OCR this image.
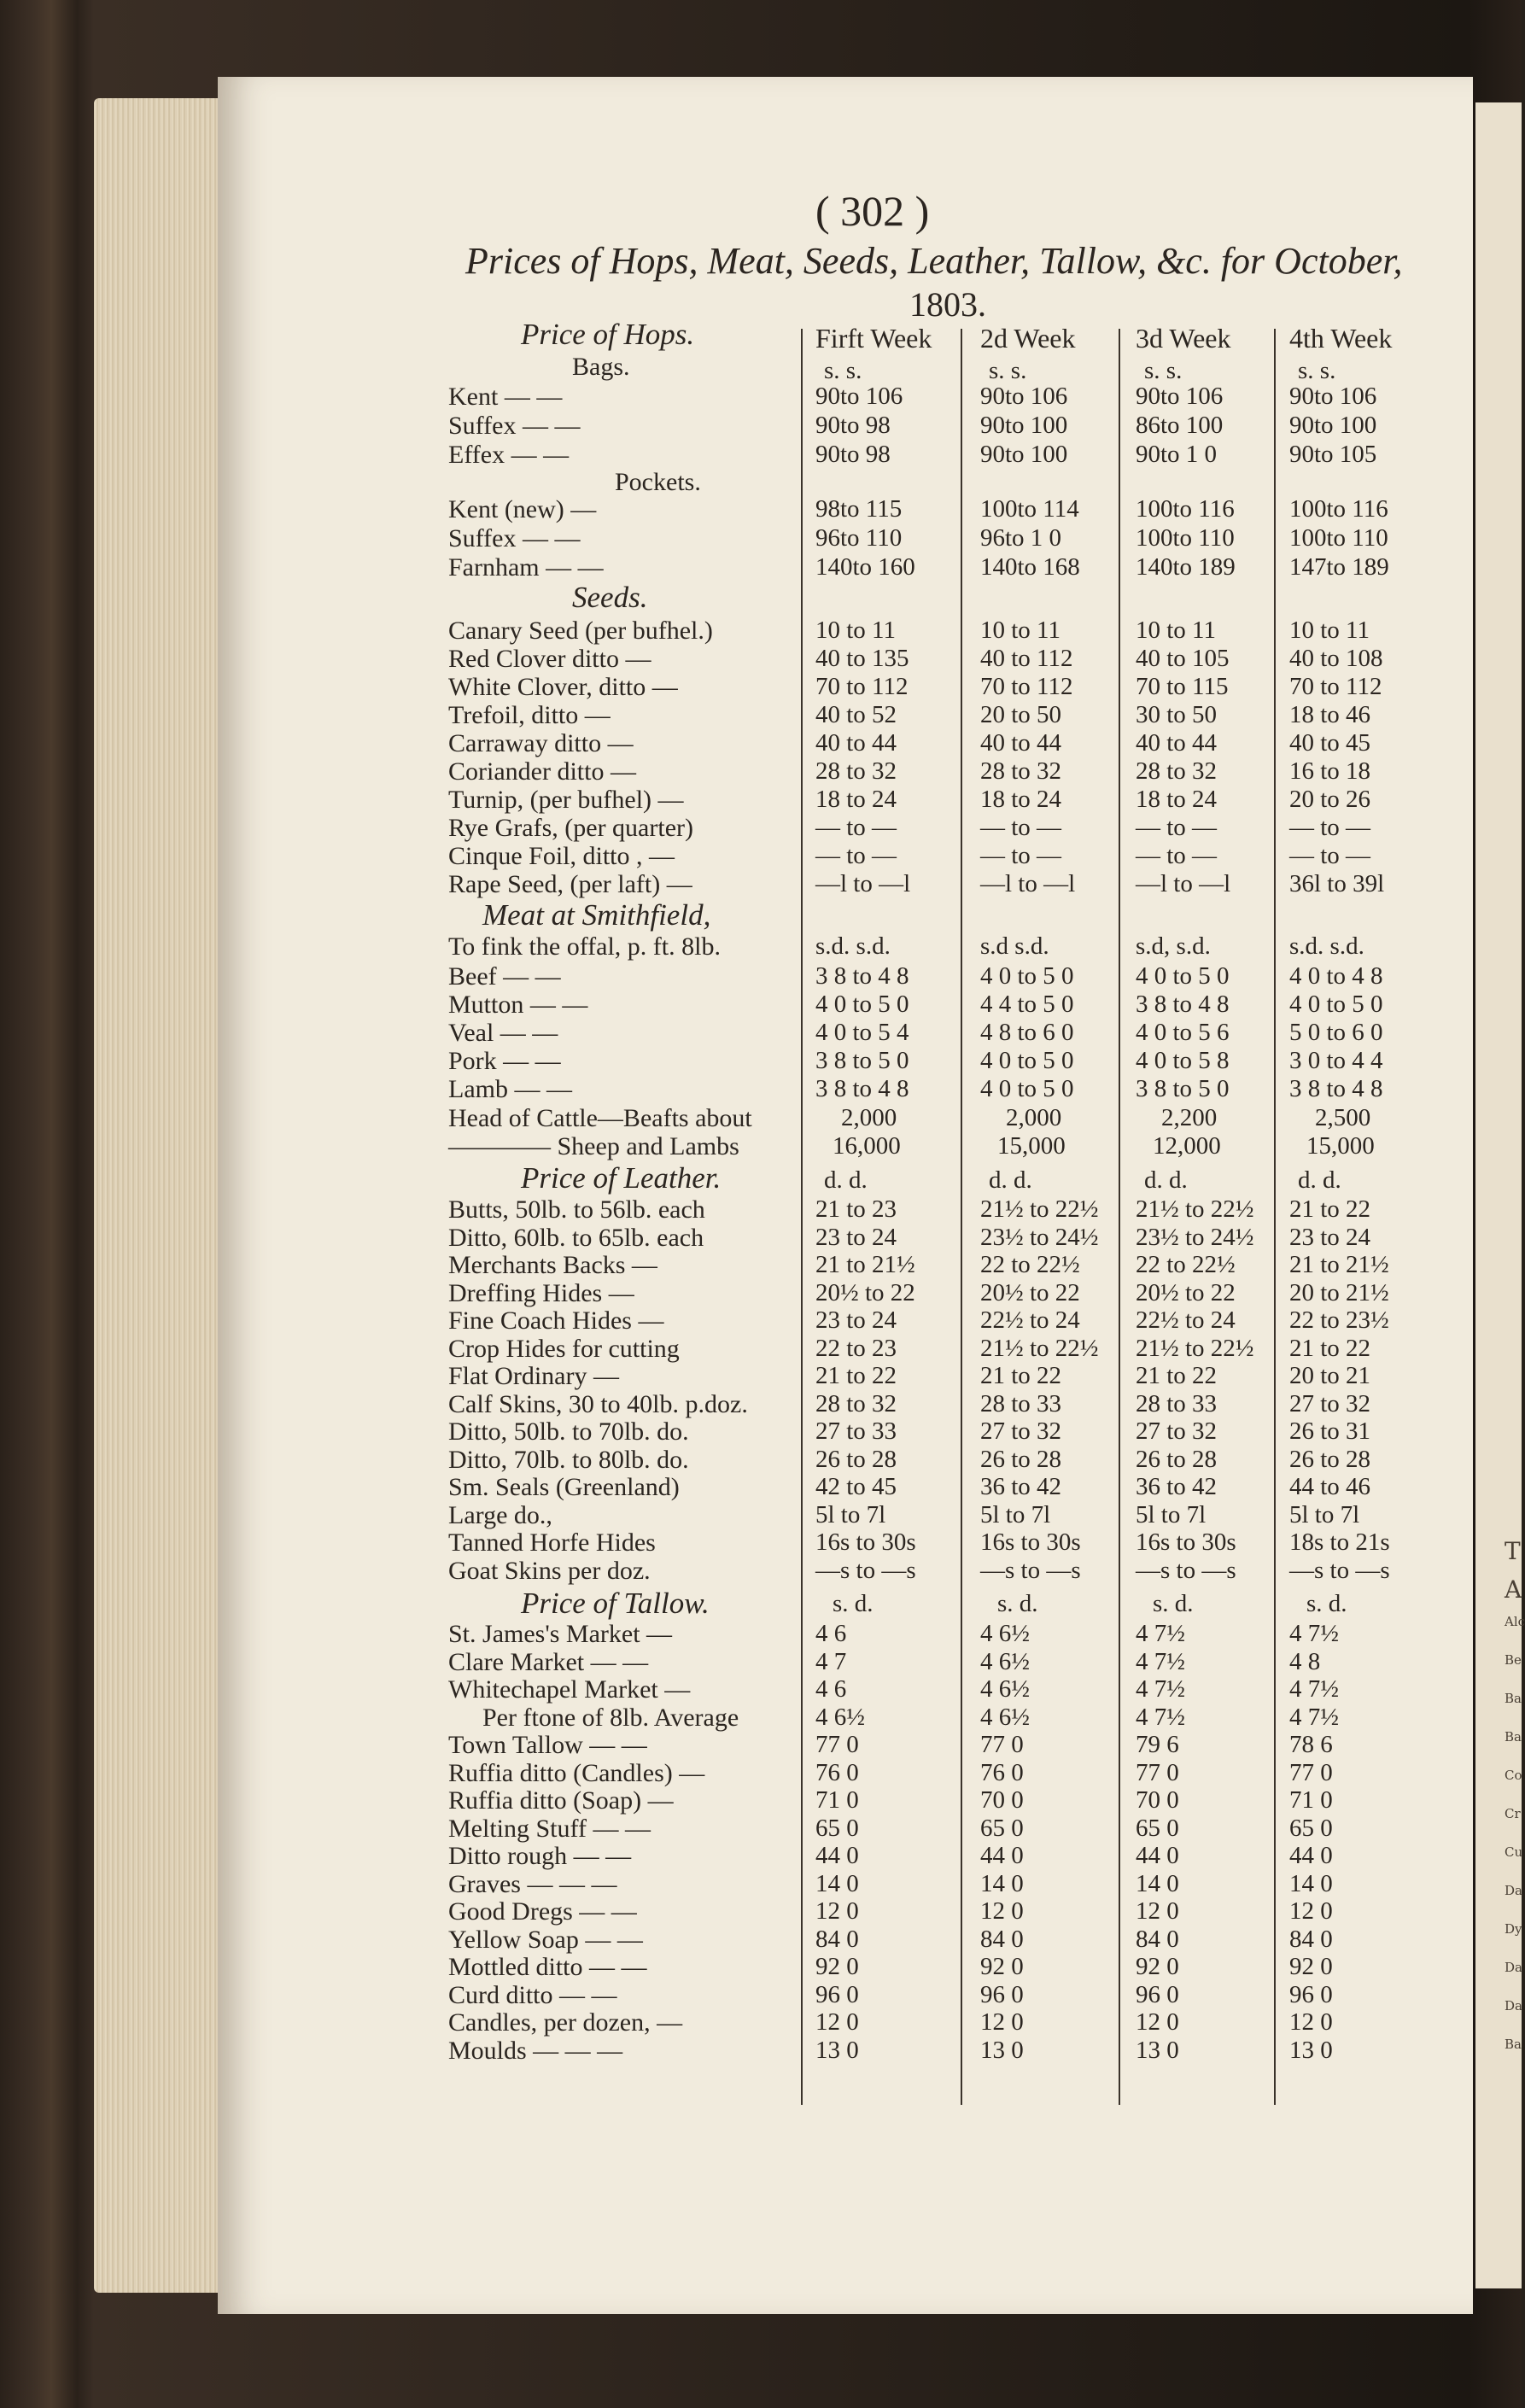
( 302 )
Prices of Hops, Meat, Seeds, Leather, Tallow, &c. for October,
1803.
Firft Week 2d Week 3d Week 4th Week
Price of Hops.
Bags.	s. s.	s. s.	s. s.	s. s.
Kent — —	90to 106	90to 106	90to 106	90to 106
Suffex — —	90to 98	90to 100	86to 100	90to 100
Effex — —	90to 98	90to 100	90to 1 0	90to 105
Kent (new) —	98to 115	100to 114 100to 116 100to 116
Suffex — —	96to 110	96to 1 0	100to 110 100to 110
Farnham — —	140to 160	140to 168 140to 189 147to 189
Pockets.
Seeds.
Canary Seed (per bufhel.)	10 to 11	10 to 11	10 to 11	10 to 11
Red Clover ditto —	40 to 135	40 to 112	40 to 105 40 to 108
White Clover, ditto —	70 to 112	70 to 112	70 to 115 70 to 112
Trefoil, ditto —	40 to 52	20 to 50	30 to 50	18 to 46
Carraway ditto —	40 to 44	40 to 44	40 to 44	40 to 45
Coriander ditto —	28 to 32	28 to 32	28 to 32	16 to 18
Turnip, (per bufhel) —	18 to 24	18 to 24	18 to 24	20 to 26
Rye Grafs, (per quarter)	— to —	— to —	— to —	— to —
Cinque Foil, ditto , —	— to —	— to —	— to —	— to —
Rape Seed, (per laft) —	—l to —l	—l to —l —l to —l 36l to 39l
Meat at Smithfield,
To fink the offal, p. ft. 8lb.	s.d. s.d.	s.d s.d.	s.d, s.d.	s.d. s.d.
Beef — —	3 8 to 4 8	4 0 to 5 0 4 0 to 5 0 4 0 to 4 8
Mutton — —	4 0 to 5 0	4 4 to 5 0 3 8 to 4 8 4 0 to 5 0
Veal — —	4 0 to 5 4	4 8 to 6 0 4 0 to 5 6 5 0 to 6 0
Pork — —	3 8 to 5 0	4 0 to 5 0 4 0 to 5 8 3 0 to 4 4
Lamb — —	3 8 to 4 8	4 0 to 5 0 3 8 to 5 0 3 8 to 4 8
Head of Cattle—Beafts about	2,000	2,000	2,200	2,500
———— Sheep and Lambs	16,000	15,000	12,000	15,000
Price of Leather.	d. d.	d. d.	d. d.	d. d.
Butts, 50lb. to 56lb. each	21 to 23	21½ to 22½ 21½ to 22½ 21 to 22
Ditto, 60lb. to 65lb. each	23 to 24	23½ to 24½ 23½ to 24½ 23 to 24
Merchants Backs —	21 to 21½	22 to 22½ 22 to 22½ 21 to 21½
Dreffing Hides —	20½ to 22	20½ to 22 20½ to 22 20 to 21½
Fine Coach Hides —	23 to 24	22½ to 24 22½ to 24 22 to 23½
Crop Hides for cutting	22 to 23	21½ to 22½ 21½ to 22½ 21 to 22
Flat Ordinary —	21 to 22	21 to 22	21 to 22	20 to 21
Calf Skins, 30 to 40lb. p.doz.	28 to 32	28 to 33	28 to 33	27 to 32
Ditto, 50lb. to 70lb. do.	27 to 33	27 to 32	27 to 32	26 to 31
Ditto, 70lb. to 80lb. do.	26 to 28	26 to 28	26 to 28	26 to 28
Sm. Seals (Greenland)	42 to 45	36 to 42	36 to 42	44 to 46
Large do.,	5l to 7l	5l to 7l	5l to 7l	5l to 7l
Tanned Horfe Hides	16s to 30s	16s to 30s 16s to 30s 18s to 21s
Goat Skins per doz.	—s to —s	—s to —s —s to —s —s to —s
Price of Tallow.	s. d.	s. d.	s. d.	s. d.
St. James's Market —	4 6	4 6½	4 7½	4 7½
Clare Market — —	4 7	4 6½	4 7½	4 8
Whitechapel Market —	4 6	4 6½	4 7½	4 7½
Per ftone of 8lb. Average	4 6½	4 6½	4 7½	4 7½
Town Tallow — —	77 0	77 0	79 6	78 6
Ruffia ditto (Candles) —	76 0	76 0	77 0	77 0
Ruffia ditto (Soap) —	71 0	70 0	70 0	71 0
Melting Stuff — —	65 0	65 0	65 0	65 0
Ditto rough — —	44 0	44 0	44 0	44 0
Graves — — —	14 0	14 0	14 0	14 0
Good Dregs — —	12 0	12 0	12 0	12 0
Yellow Soap — —	84 0	84 0	84 0	84 0
Mottled ditto — —	92 0	92 0	92 0	92 0
Curd ditto — —	96 0	96 0	96 0	96 0
Candles, per dozen, —	12 0	12 0	12 0	12 0
Moulds — — —	13 0	13 0	13 0	13 0
T
A
Alc
Be
Ba
Ba
Co
Cr
Cu
Da
Dy
Da
Da
Ba
